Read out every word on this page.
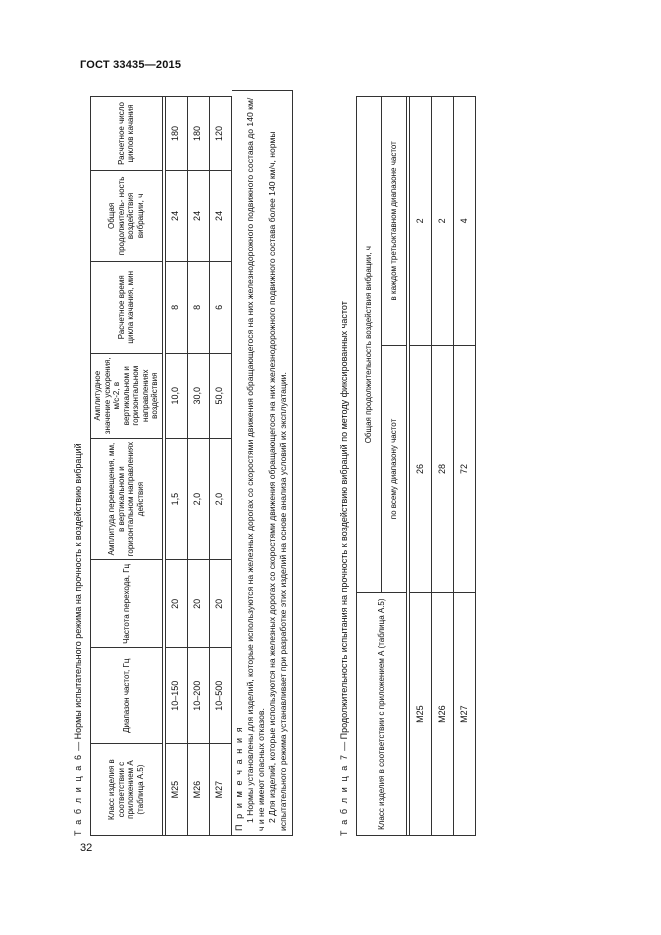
ГОСТ 33435—2015
Т а б л и ц а 6 — Нормы испытательного режима на прочность к воздействию вибраций
Класс изделия в соответствии с приложением А (таблица А.5)	Диапазон частот, Гц	Частота перехода, Гц	Амплитуда перемещения, мм, в вертикальном и горизонтальном направлениях действия	Амплитудное значение ускорения, м/с-2, в вертикальном и горизонтальном направлениях воздействия	Расчетное время цикла качания, мин	Общая продолжитель- ность воздействия вибрации, ч	Расчетное число циклов качания

М25	10–150	20	1,5	10,0	8	24	180
М26	10–200	20	2,0	30,0	8	24	180
М27	10–500	20	2,0	50,0	6	24	120

П р и м е ч а н и я 1 Нормы установлены для изделий, которые используются на железных дорогах со скоростями движения обращающегося на них железнодорожного подвижного состава до 140 км/ч и не имеют опасных отказов. 2 Для изделий, которые используются на железных дорогах со скоростями движения обращающегося на них железнодорожного подвижного состава более 140 км/ч, нормы испытательного режима устанавливает при разработке этих изделий на основе анализа условий их эксплуатации.	Т а б л и ц а 7 — Продолжительность испытания на прочность к воздействию вибраций по методу фиксированных частот	Класс изделия в соответствии с приложением А (таблица А.5)	Общая продолжительность воздействия вибрации, ч	
	по всему диапазону частот	в каждом третьоктавном диапазоне частот

М25	26	2
М26	28	2
М27	72	4
32
